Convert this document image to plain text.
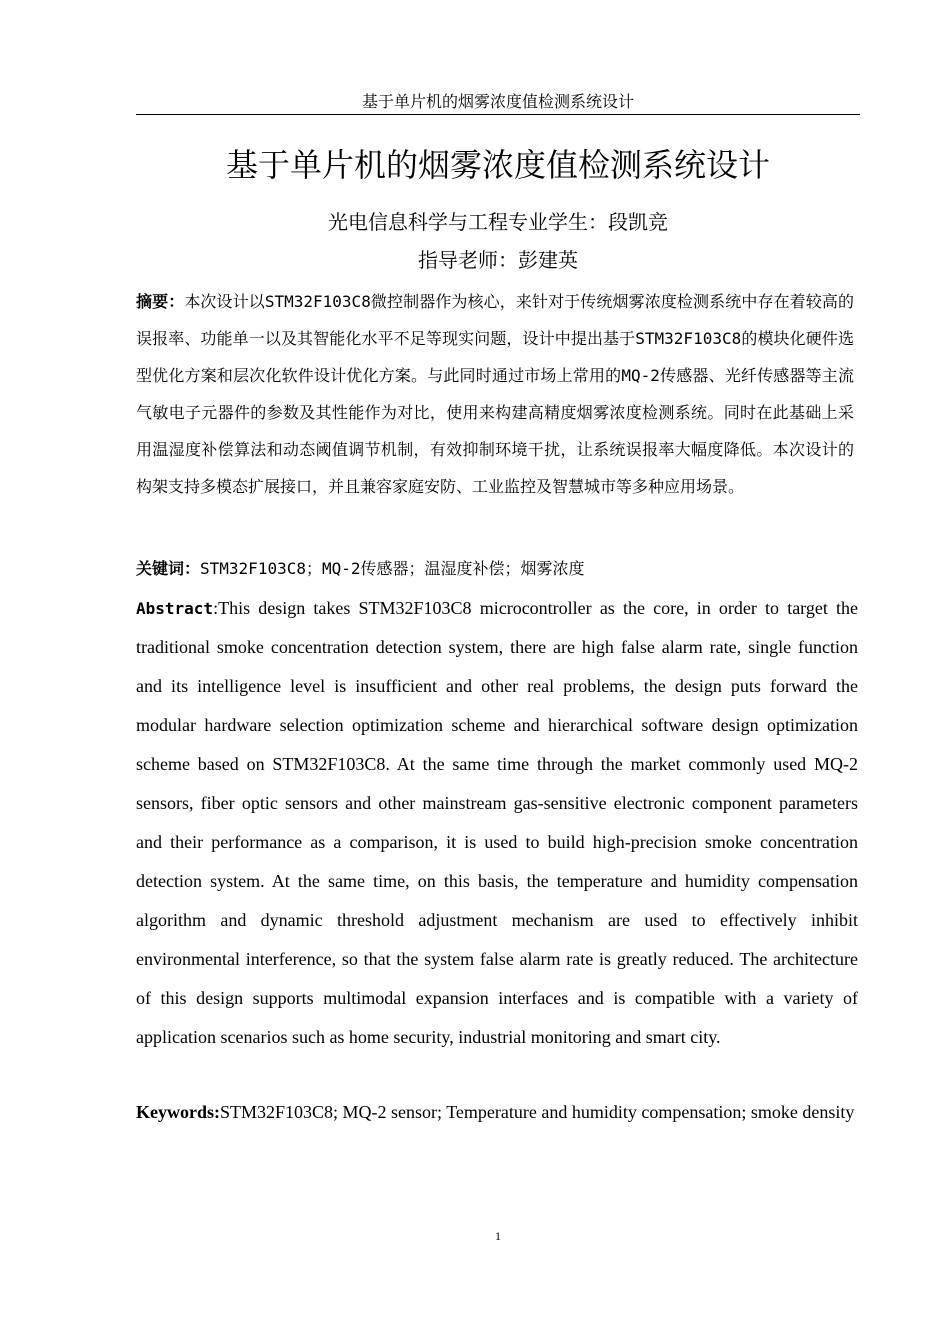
基于单片机的烟雾浓度值检测系统设计
基于单片机的烟雾浓度值检测系统设计
光电信息科学与工程专业学生：段凯竞
指导老师：彭建英
摘要：本次设计以STM32F103C8微控制器作为核心，来针对于传统烟雾浓度检测系统中存在着较高的误报率、功能单一以及其智能化水平不足等现实问题，设计中提出基于STM32F103C8的模块化硬件选型优化方案和层次化软件设计优化方案。与此同时通过市场上常用的MQ-2传感器、光纤传感器等主流气敏电子元器件的参数及其性能作为对比，使用来构建高精度烟雾浓度检测系统。同时在此基础上采用温湿度补偿算法和动态阈值调节机制，有效抑制环境干扰，让系统误报率大幅度降低。本次设计的构架支持多模态扩展接口，并且兼容家庭安防、工业监控及智慧城市等多种应用场景。
关键词：STM32F103C8；MQ-2传感器；温湿度补偿；烟雾浓度
Abstract:This design takes STM32F103C8 microcontroller as the core, in order to target the traditional smoke concentration detection system, there are high false alarm rate, single function and its intelligence level is insufficient and other real problems, the design puts forward the modular hardware selection optimization scheme and hierarchical software design optimization scheme based on STM32F103C8. At the same time through the market commonly used MQ-2 sensors, fiber optic sensors and other mainstream gas-sensitive electronic component parameters and their performance as a comparison, it is used to build high-precision smoke concentration detection system. At the same time, on this basis, the temperature and humidity compensation algorithm and dynamic threshold adjustment mechanism are used to effectively inhibit environmental interference, so that the system false alarm rate is greatly reduced. The architecture of this design supports multimodal expansion interfaces and is compatible with a variety of application scenarios such as home security, industrial monitoring and smart city.
Keywords:STM32F103C8; MQ-2 sensor; Temperature and humidity compensation; smoke density
1
